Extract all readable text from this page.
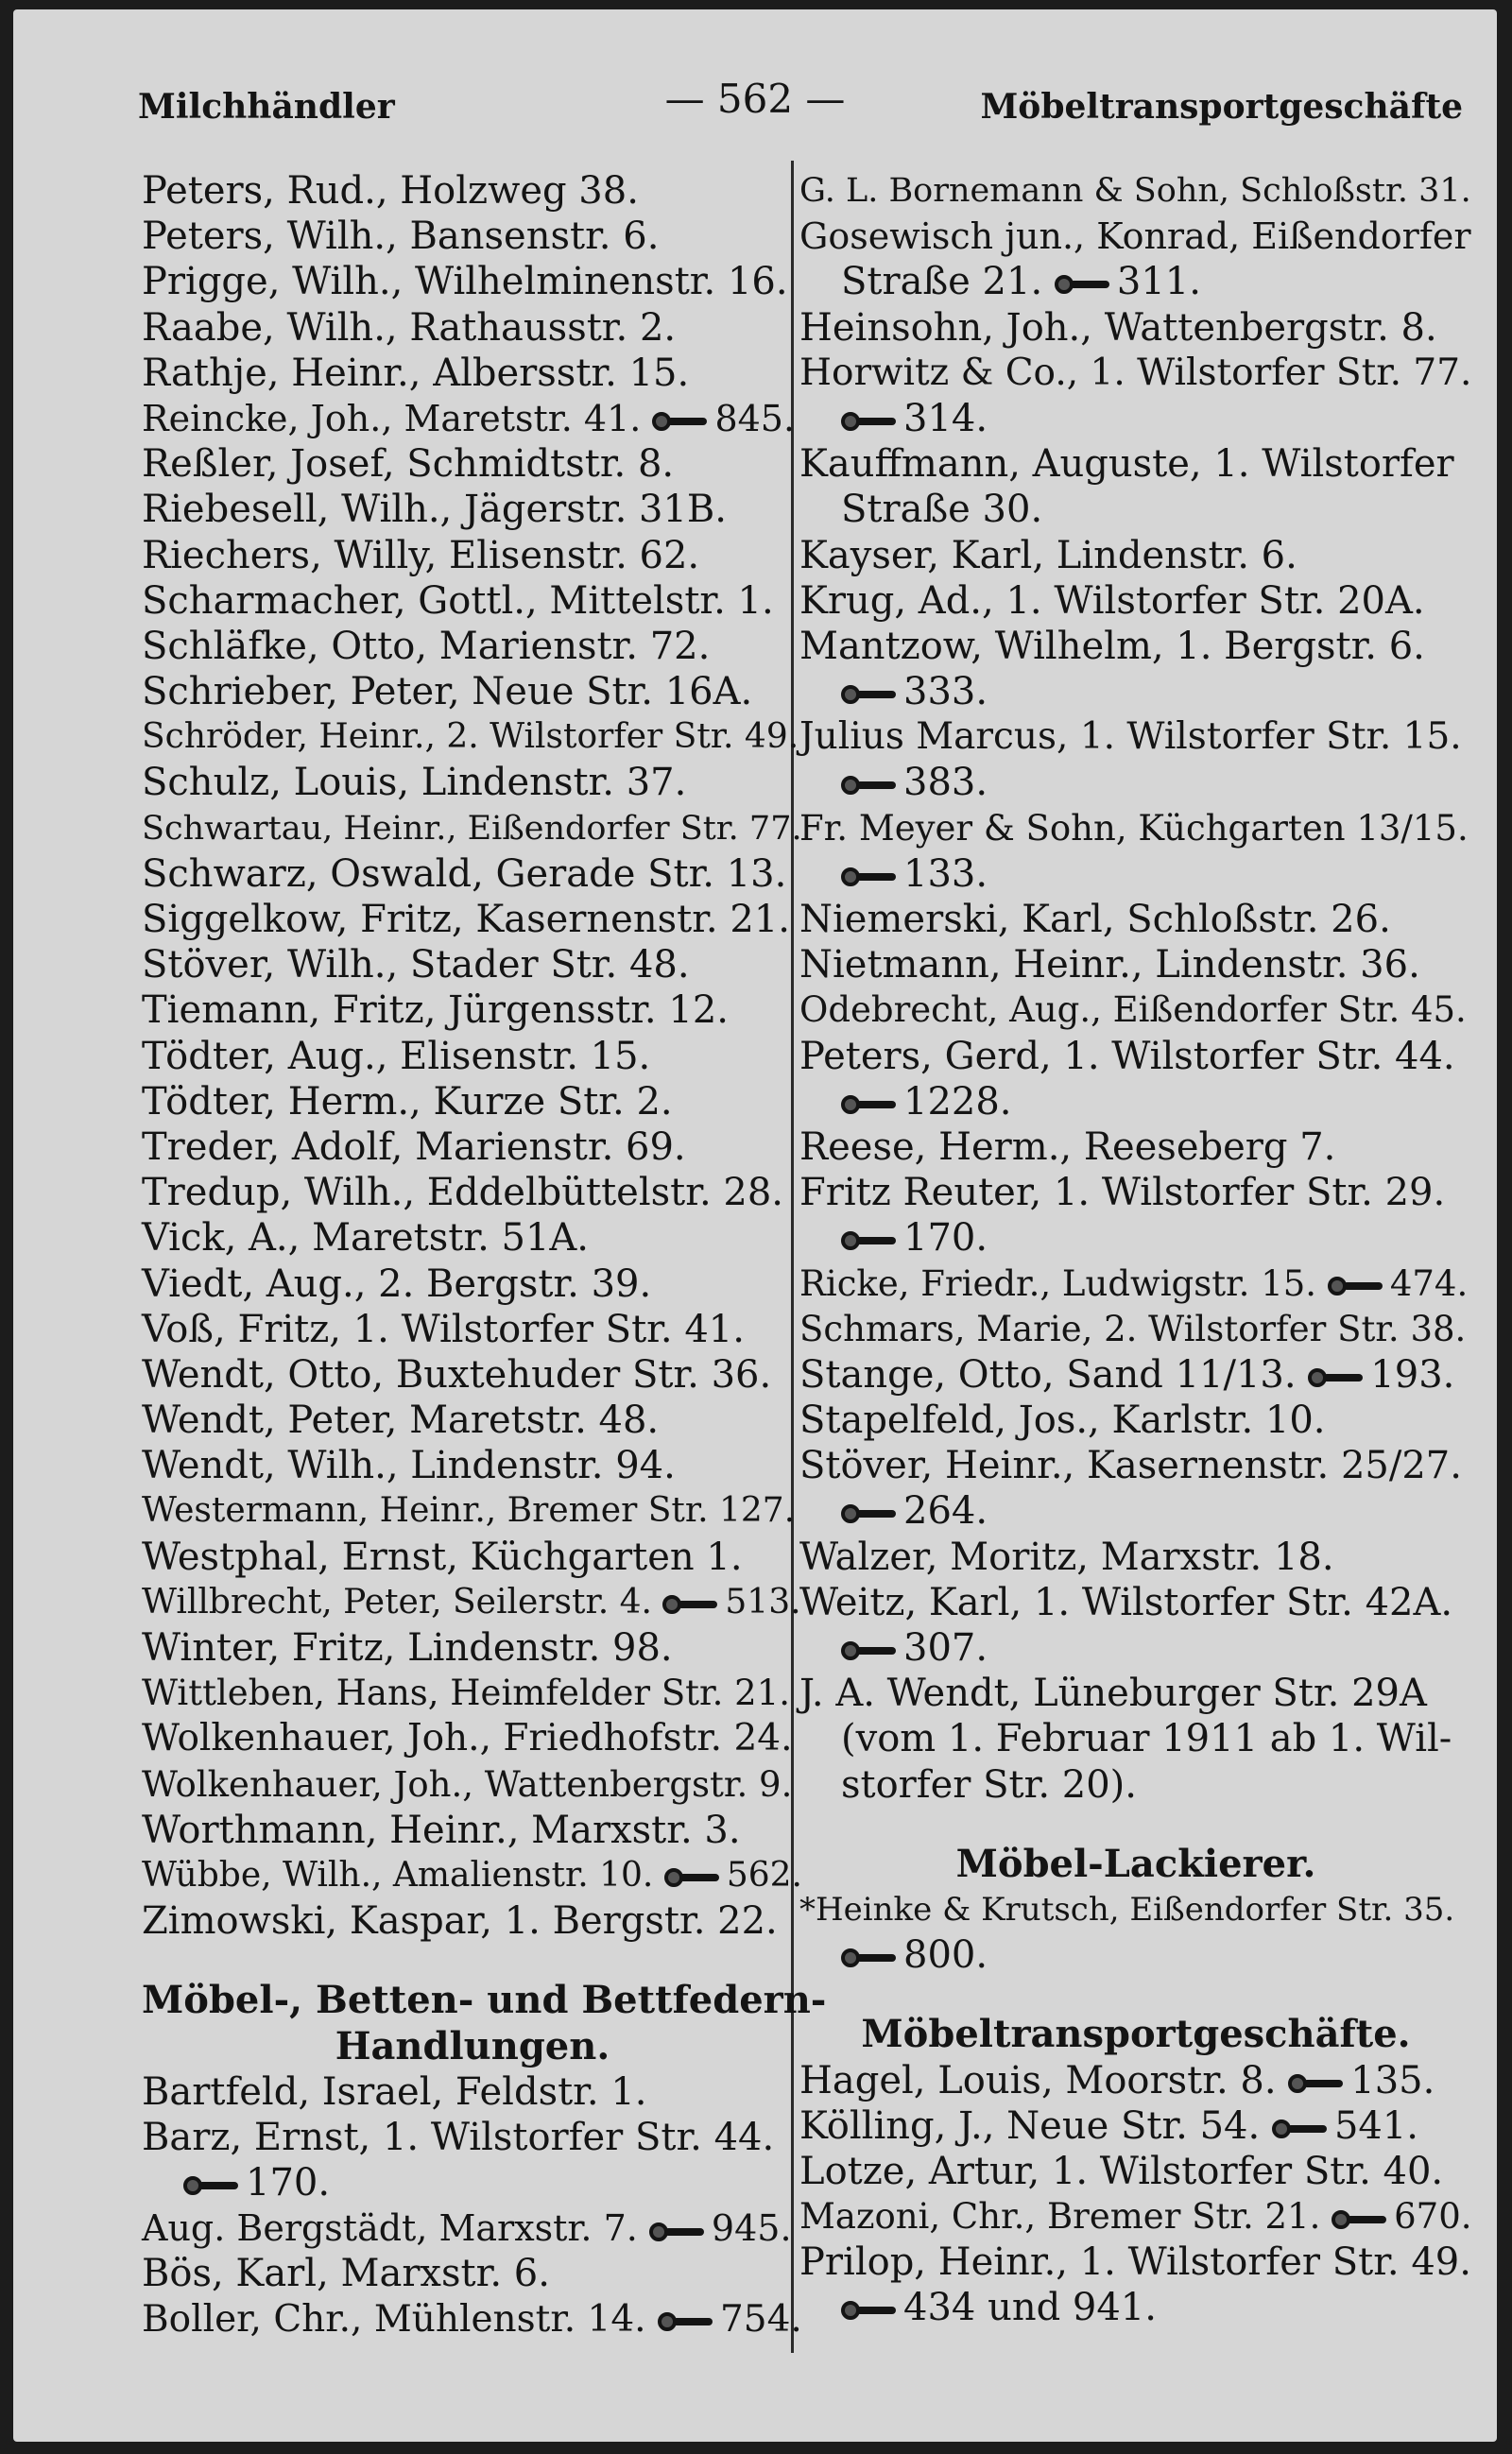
Milchhändler	— 562 —	Möbeltransportgeschäfte
Peters, Rud., Holzweg 38.
Peters, Wilh., Bansenstr. 6.
Prigge, Wilh., Wilhelminenstr. 16.
Raabe, Wilh., Rathausstr. 2.
Rathje, Heinr., Albersstr. 15.
Reincke, Joh., Maretstr. 41. 845.
Reßler, Josef, Schmidtstr. 8.
Riebesell, Wilh., Jägerstr. 31B.
Riechers, Willy, Elisenstr. 62.
Scharmacher, Gottl., Mittelstr. 1.
Schläfke, Otto, Marienstr. 72.
Schrieber, Peter, Neue Str. 16A.
Schröder, Heinr., 2. Wilstorfer Str. 49.
Schulz, Louis, Lindenstr. 37.
Schwartau, Heinr., Eißendorfer Str. 77.
Schwarz, Oswald, Gerade Str. 13.
Siggelkow, Fritz, Kasernenstr. 21.
Stöver, Wilh., Stader Str. 48.
Tiemann, Fritz, Jürgensstr. 12.
Tödter, Aug., Elisenstr. 15.
Tödter, Herm., Kurze Str. 2.
Treder, Adolf, Marienstr. 69.
Tredup, Wilh., Eddelbüttelstr. 28.
Vick, A., Maretstr. 51A.
Viedt, Aug., 2. Bergstr. 39.
Voß, Fritz, 1. Wilstorfer Str. 41.
Wendt, Otto, Buxtehuder Str. 36.
Wendt, Peter, Maretstr. 48.
Wendt, Wilh., Lindenstr. 94.
Westermann, Heinr., Bremer Str. 127.
Westphal, Ernst, Küchgarten 1.
Willbrecht, Peter, Seilerstr. 4. 513.
Winter, Fritz, Lindenstr. 98.
Wittleben, Hans, Heimfelder Str. 21.
Wolkenhauer, Joh., Friedhofstr. 24.
Wolkenhauer, Joh., Wattenbergstr. 9.
Worthmann, Heinr., Marxstr. 3.
Wübbe, Wilh., Amalienstr. 10. 562.
Zimowski, Kaspar, 1. Bergstr. 22.
Möbel-, Betten- und Bettfedern-
Handlungen.
Bartfeld, Israel, Feldstr. 1.
Barz, Ernst, 1. Wilstorfer Str. 44.
170.
Aug. Bergstädt, Marxstr. 7. 945.
Bös, Karl, Marxstr. 6.
Boller, Chr., Mühlenstr. 14. 754.
G. L. Bornemann & Sohn, Schloßstr. 31.
Gosewisch jun., Konrad, Eißendorfer
Straße 21. 311.
Heinsohn, Joh., Wattenbergstr. 8.
Horwitz & Co., 1. Wilstorfer Str. 77.
314.
Kauffmann, Auguste, 1. Wilstorfer
Straße 30.
Kayser, Karl, Lindenstr. 6.
Krug, Ad., 1. Wilstorfer Str. 20A.
Mantzow, Wilhelm, 1. Bergstr. 6.
333.
Julius Marcus, 1. Wilstorfer Str. 15.
383.
Fr. Meyer & Sohn, Küchgarten 13/15.
133.
Niemerski, Karl, Schloßstr. 26.
Nietmann, Heinr., Lindenstr. 36.
Odebrecht, Aug., Eißendorfer Str. 45.
Peters, Gerd, 1. Wilstorfer Str. 44.
1228.
Reese, Herm., Reeseberg 7.
Fritz Reuter, 1. Wilstorfer Str. 29.
170.
Ricke, Friedr., Ludwigstr. 15. 474.
Schmars, Marie, 2. Wilstorfer Str. 38.
Stange, Otto, Sand 11/13. 193.
Stapelfeld, Jos., Karlstr. 10.
Stöver, Heinr., Kasernenstr. 25/27.
264.
Walzer, Moritz, Marxstr. 18.
Weitz, Karl, 1. Wilstorfer Str. 42A.
307.
J. A. Wendt, Lüneburger Str. 29A
(vom 1. Februar 1911 ab 1. Wil-
storfer Str. 20).
Möbel-Lackierer.
*Heinke & Krutsch, Eißendorfer Str. 35.
800.
Möbeltransportgeschäfte.
Hagel, Louis, Moorstr. 8. 135.
Kölling, J., Neue Str. 54. 541.
Lotze, Artur, 1. Wilstorfer Str. 40.
Mazoni, Chr., Bremer Str. 21. 670.
Prilop, Heinr., 1. Wilstorfer Str. 49.
434 und 941.
